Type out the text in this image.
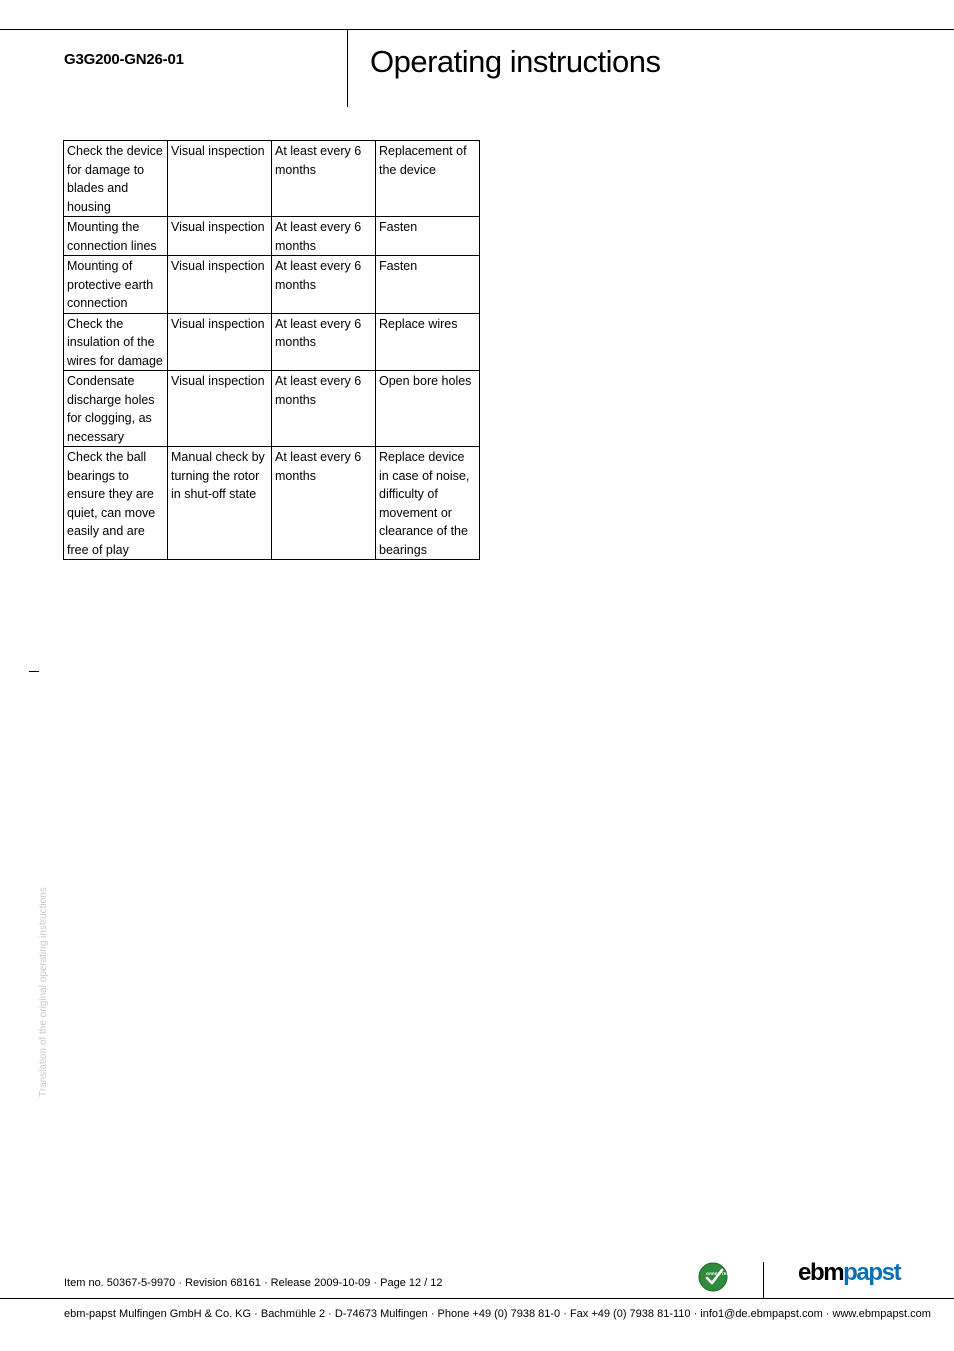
G3G200-GN26-01	Operating instructions
Check the device for damage to blades and housing	Visual inspection	At least every 6 months	Replacement of the device
Mounting the connection lines	Visual inspection	At least every 6 months	Fasten
Mounting of protective earth connection	Visual inspection	At least every 6 months	Fasten
Check the insulation of the wires for damage	Visual inspection	At least every 6 months	Replace wires
Condensate discharge holes for clogging, as necessary	Visual inspection	At least every 6 months	Open bore holes
Check the ball bearings to ensure they are quiet, can move easily and are free of play	Manual check by turning the rotor in shut-off state	At least every 6 months	Replace device in case of noise, difficulty of movement or clearance of the bearings
Translation of the original operating instructions
Item no. 50367-5-9970 · Revision 68161 · Release 2009-10-09 · Page 12 / 12
GREEN TECH	ebmpapst
ebm-papst Mulfingen GmbH & Co. KG · Bachmühle 2 · D-74673 Mulfingen · Phone +49 (0) 7938 81-0 · Fax +49 (0) 7938 81-110 · info1@de.ebmpapst.com · www.ebmpapst.com
